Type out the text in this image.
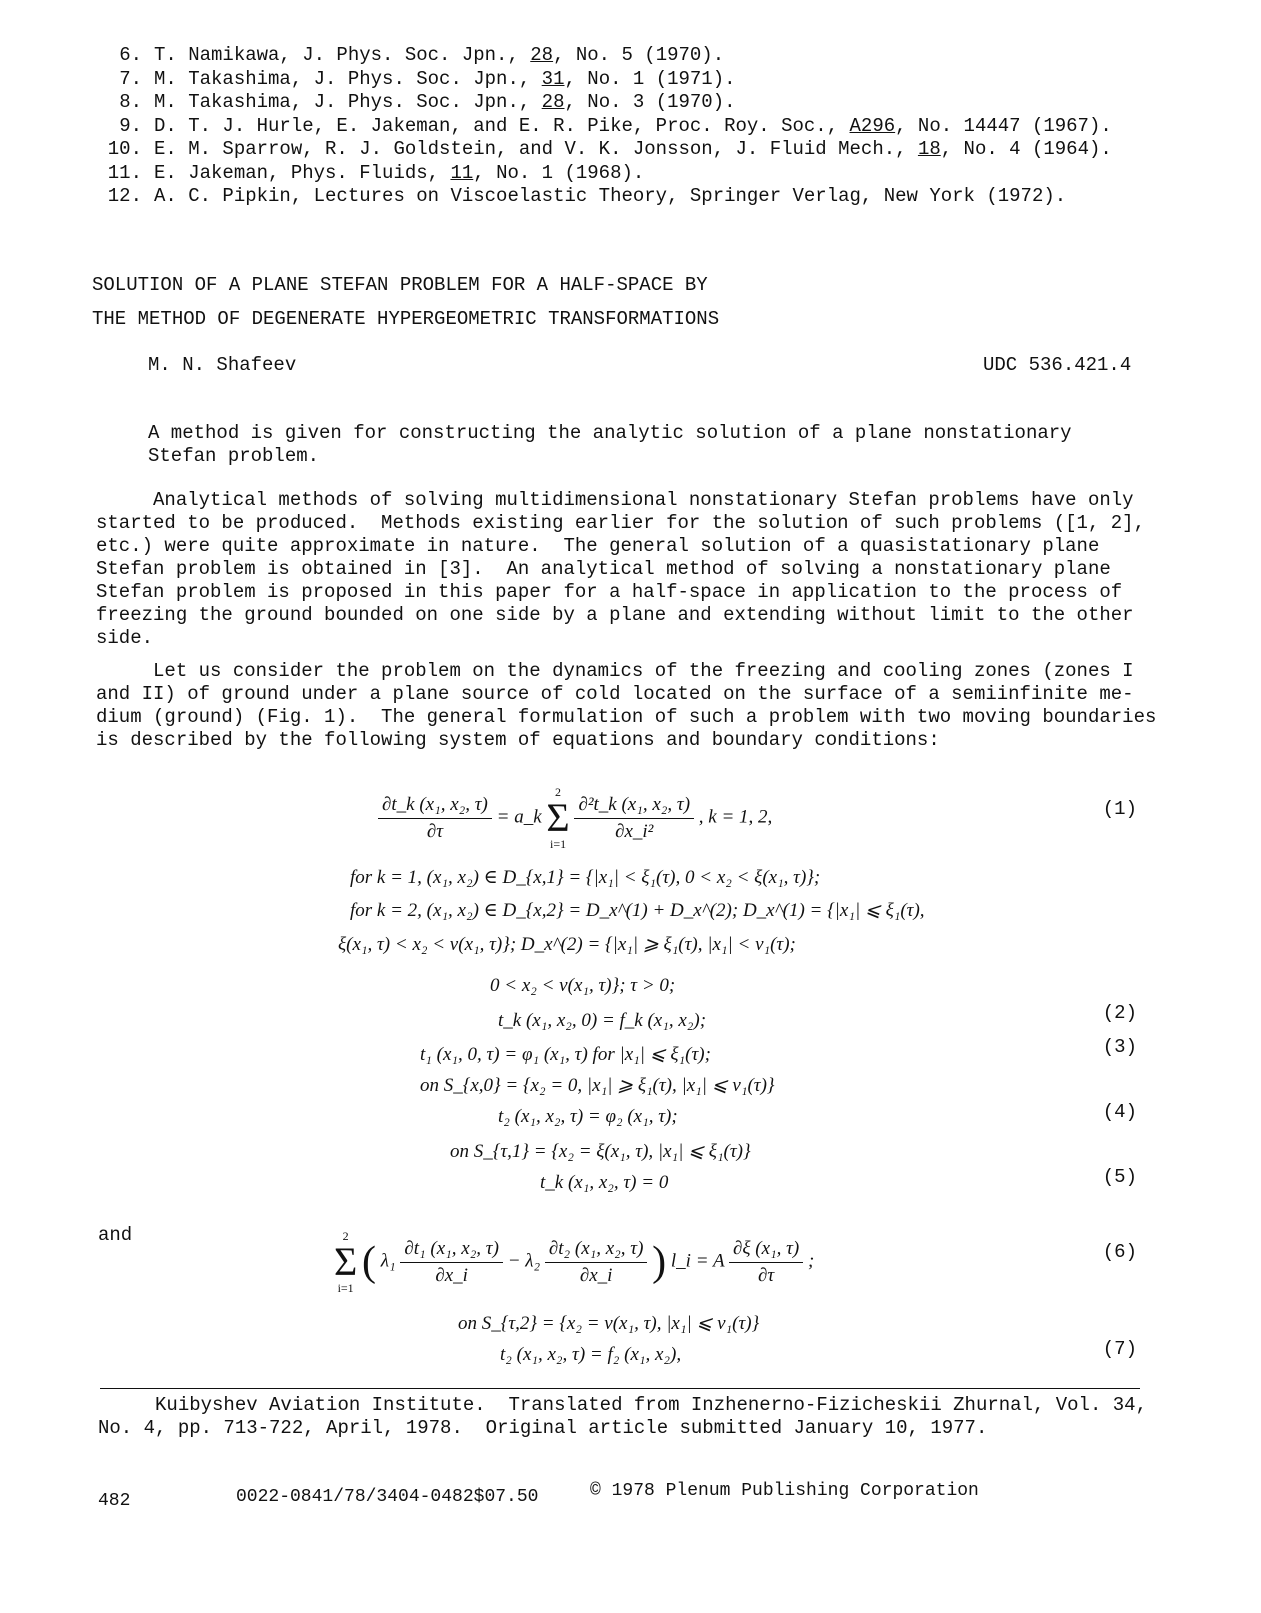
6. T. Namikawa, J. Phys. Soc. Jpn., 28, No. 5 (1970).
7. M. Takashima, J. Phys. Soc. Jpn., 31, No. 1 (1971).
8. M. Takashima, J. Phys. Soc. Jpn., 28, No. 3 (1970).
9. D. T. J. Hurle, E. Jakeman, and E. R. Pike, Proc. Roy. Soc., A296, No. 14447 (1967).
10. E. M. Sparrow, R. J. Goldstein, and V. K. Jonsson, J. Fluid Mech., 18, No. 4 (1964).
11. E. Jakeman, Phys. Fluids, 11, No. 1 (1968).
12. A. C. Pipkin, Lectures on Viscoelastic Theory, Springer Verlag, New York (1972).
SOLUTION OF A PLANE STEFAN PROBLEM FOR A HALF-SPACE BY
THE METHOD OF DEGENERATE HYPERGEOMETRIC TRANSFORMATIONS
M. N. Shafeev	UDC 536.421.4
A method is given for constructing the analytic solution of a plane nonstationary
Stefan problem.
Analytical methods of solving multidimensional nonstationary Stefan problems have only
started to be produced.  Methods existing earlier for the solution of such problems ([1, 2],
etc.) were quite approximate in nature.  The general solution of a quasistationary plane
Stefan problem is obtained in [3].  An analytical method of solving a nonstationary plane
Stefan problem is proposed in this paper for a half-space in application to the process of
freezing the ground bounded on one side by a plane and extending without limit to the other
side.
Let us consider the problem on the dynamics of the freezing and cooling zones (zones I
and II) of ground under a plane source of cold located on the surface of a semiinfinite me-
dium (ground) (Fig. 1).  The general formulation of such a problem with two moving boundaries
is described by the following system of equations and boundary conditions:
$\frac{\text{∂t\_k (x₁, x₂, τ)}}{\partial\tau}$ = a_k
2
Σ
i=1

$\frac{\text{∂²t\_k (x₁, x₂, τ)}}{\text{∂x\_i²}}$ , k = 1, 2,
for k = 1, (x₁, x₂) ∈ D_{x,1} = {|x₁| < ξ₁(τ), 0 < x₂ < ξ(x₁, τ)};
for k = 2, (x₁, x₂) ∈ D_{x,2} = D_x^(1) + D_x^(2); D_x^(1) = {|x₁| ⩽ ξ₁(τ),
ξ(x₁, τ) < x₂ < ν(x₁, τ)}; D_x^(2) = {|x₁| ⩾ ξ₁(τ), |x₁| < ν₁(τ);
0 < x₂ < ν(x₁, τ)}; τ > 0;
t_k (x₁, x₂, 0) = f_k (x₁, x₂);
t₁ (x₁, 0, τ) = φ₁ (x₁, τ) for |x₁| ⩽ ξ₁(τ);
on S_{x,0} = {x₂ = 0, |x₁| ⩾ ξ₁(τ), |x₁| ⩽ ν₁(τ)}
t₂ (x₁, x₂, τ) = φ₂ (x₁, τ);
on S_{τ,1} = {x₂ = ξ(x₁, τ), |x₁| ⩽ ξ₁(τ)}
t_k (x₁, x₂, τ) = 0
and	2
Σ
i=1
( $\lambda_1 \frac{\text{∂t₁ (x₁, x₂, τ)}}{\partial x\_i} - \lambda_2 \frac{\text{∂t₂ (x₁, x₂, τ)}}{\partial x\_i}$ ) l_i = A $\frac{\text{∂ξ (x₁, τ)}}{\partial\tau}$ ;
on S_{τ,2} = {x₂ = ν(x₁, τ), |x₁| ⩽ ν₁(τ)}
t₂ (x₁, x₂, τ) = f₂ (x₁, x₂),
(1)
(2)
(3)
(4)
(5)
(6)
(7)
Kuibyshev Aviation Institute.  Translated from Inzhenerno-Fizicheskii Zhurnal, Vol. 34,
No. 4, pp. 713-722, April, 1978.  Original article submitted January 10, 1977.
482	0022-0841/78/3404-0482$07.50	© 1978 Plenum Publishing Corporation
